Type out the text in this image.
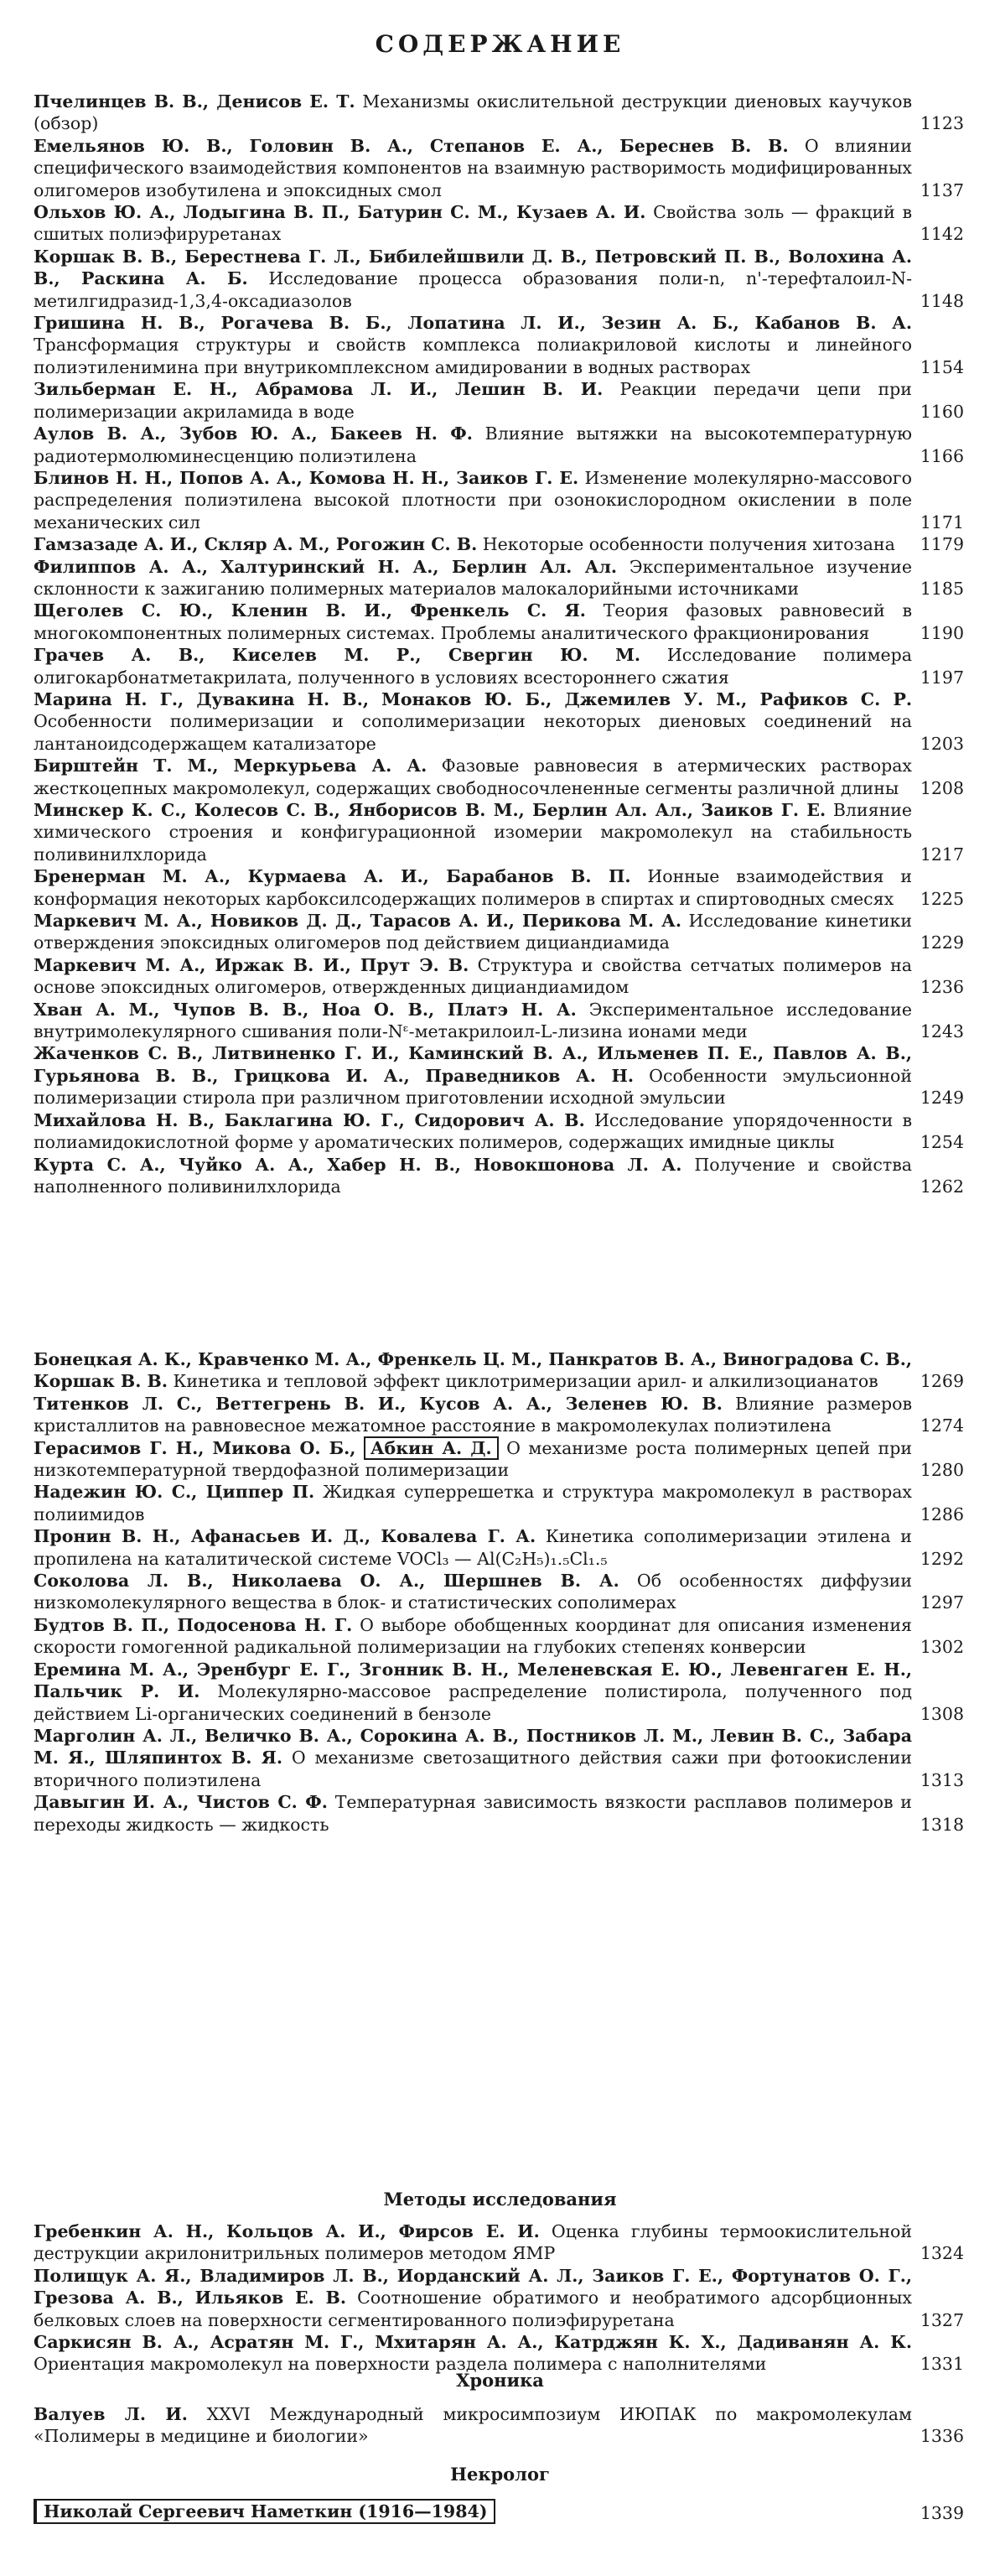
СОДЕРЖАНИЕ
Пчелинцев В. В., Денисов Е. Т. Механизмы окислительной деструкции диеновых каучуков (обзор)	1123
Емельянов Ю. В., Головин В. А., Степанов Е. А., Береснев В. В. О влиянии специфического взаимодействия компонентов на взаимную растворимость модифицированных олигомеров изобутилена и эпоксидных смол	1137
Ольхов Ю. А., Лодыгина В. П., Батурин С. М., Кузаев А. И. Свойства золь — фракций в сшитых полиэфируретанах	1142
Коршак В. В., Берестнева Г. Л., Бибилейшвили Д. В., Петровский П. В., Волохина А. В., Раскина А. Б. Исследование процесса образования поли-n, n'-терефталоил-N-метилгидразид-1,3,4-оксадиазолов	1148
Гришина Н. В., Рогачева В. Б., Лопатина Л. И., Зезин А. Б., Кабанов В. А. Трансформация структуры и свойств комплекса полиакриловой кислоты и линейного полиэтиленимина при внутрикомплексном амидировании в водных растворах	1154
Зильберман Е. Н., Абрамова Л. И., Лешин В. И. Реакции передачи цепи при полимеризации акриламида в воде	1160
Аулов В. А., Зубов Ю. А., Бакеев Н. Ф. Влияние вытяжки на высокотемпературную радиотермолюминесценцию полиэтилена	1166
Блинов Н. Н., Попов А. А., Комова Н. Н., Заиков Г. Е. Изменение молекулярно-массового распределения полиэтилена высокой плотности при озонокислородном окислении в поле механических сил	1171
Гамзазаде А. И., Скляр А. М., Рогожин С. В. Некоторые особенности получения хитозана 1179
Филиппов А. А., Халтуринский Н. А., Берлин Ал. Ал. Экспериментальное изучение склонности к зажиганию полимерных материалов малокалорийными источниками	1185
Щеголев С. Ю., Кленин В. И., Френкель С. Я. Теория фазовых равновесий в многокомпонентных полимерных системах. Проблемы аналитического фракционирования	1190
Грачев А. В., Киселев М. Р., Свергин Ю. М. Исследование полимера олигокарбонатметакрилата, полученного в условиях всестороннего сжатия	1197
Марина Н. Г., Дувакина Н. В., Монаков Ю. Б., Джемилев У. М., Рафиков С. Р. Особенности полимеризации и сополимеризации некоторых диеновых соединений на лантаноидсодержащем катализаторе	1203
Бирштейн Т. М., Меркурьева А. А. Фазовые равновесия в атермических растворах жесткоцепных макромолекул, содержащих свободносочлененные сегменты различной длины 1208
Минскер К. С., Колесов С. В., Янборисов В. М., Берлин Ал. Ал., Заиков Г. Е. Влияние химического строения и конфигурационной изомерии макромолекул на стабильность поливинилхлорида	1217
Бренерман М. А., Курмаева А. И., Барабанов В. П. Ионные взаимодействия и конформация некоторых карбоксилсодержащих полимеров в спиртах и спиртоводных смесях 1225
Маркевич М. А., Новиков Д. Д., Тарасов А. И., Перикова М. А. Исследование кинетики отверждения эпоксидных олигомеров под действием дициандиамида	1229
Маркевич М. А., Иржак В. И., Прут Э. В. Структура и свойства сетчатых полимеров на основе эпоксидных олигомеров, отвержденных дициандиамидом	1236
Хван А. М., Чупов В. В., Ноа О. В., Платэ Н. А. Экспериментальное исследование внутримолекулярного сшивания поли-Nᵋ-метакрилоил-L-лизина ионами меди	1243
Жаченков С. В., Литвиненко Г. И., Каминский В. А., Ильменев П. Е., Павлов А. В., Гурьянова В. В., Грицкова И. А., Праведников А. Н. Особенности эмульсионной полимеризации стирола при различном приготовлении исходной эмульсии	1249
Михайлова Н. В., Баклагина Ю. Г., Сидорович А. В. Исследование упорядоченности в полиамидокислотной форме у ароматических полимеров, содержащих имидные циклы	1254
Курта С. А., Чуйко А. А., Хабер Н. В., Новокшонова Л. А. Получение и свойства наполненного поливинилхлорида	1262
Бонецкая А. К., Кравченко М. А., Френкель Ц. М., Панкратов В. А., Виноградова С. В., Коршак В. В. Кинетика и тепловой эффект циклотримеризации арил- и алкилизоцианатов 1269
Титенков Л. С., Веттегрень В. И., Кусов А. А., Зеленев Ю. В. Влияние размеров кристаллитов на равновесное межатомное расстояние в макромолекулах полиэтилена	1274
Герасимов Г. Н., Микова О. Б., Абкин А. Д. О механизме роста полимерных цепей при низкотемпературной твердофазной полимеризации	1280
Надежин Ю. С., Циппер П. Жидкая суперрешетка и структура макромолекул в растворах полиимидов	1286
Пронин В. Н., Афанасьев И. Д., Ковалева Г. А. Кинетика сополимеризации этилена и пропилена на каталитической системе VOCl₃ — Al(C₂H₅)₁.₅Cl₁.₅	1292
Соколова Л. В., Николаева О. А., Шершнев В. А. Об особенностях диффузии низкомолекулярного вещества в блок- и статистических сополимерах	1297
Будтов В. П., Подосенова Н. Г. О выборе обобщенных координат для описания изменения скорости гомогенной радикальной полимеризации на глубоких степенях конверсии	1302
Еремина М. А., Эренбург Е. Г., Згонник В. Н., Меленевская Е. Ю., Левенгаген Е. Н., Пальчик Р. И. Молекулярно-массовое распределение полистирола, полученного под действием Li-органических соединений в бензоле	1308
Марголин А. Л., Величко В. А., Сорокина А. В., Постников Л. М., Левин В. С., Забара М. Я., Шляпинтох В. Я. О механизме светозащитного действия сажи при фотоокислении вторичного полиэтилена	1313
Давыгин И. А., Чистов С. Ф. Температурная зависимость вязкости расплавов полимеров и переходы жидкость — жидкость	1318
Методы исследования
Гребенкин А. Н., Кольцов А. И., Фирсов Е. И. Оценка глубины термоокислительной деструкции акрилонитрильных полимеров методом ЯМР	1324
Полищук А. Я., Владимиров Л. В., Иорданский А. Л., Заиков Г. Е., Фортунатов О. Г., Грезова А. В., Ильяков Е. В. Соотношение обратимого и необратимого адсорбционных белковых слоев на поверхности сегментированного полиэфируретана	1327
Саркисян В. А., Асратян М. Г., Мхитарян А. А., Катрджян К. Х., Дадиванян А. К. Ориентация макромолекул на поверхности раздела полимера с наполнителями	1331
Хроника
Валуев Л. И. XXVI Международный микросимпозиум ИЮПАК по макромолекулам «Полимеры в медицине и биологии»	1336
Некролог
Николай Сергеевич Наметкин (1916—1984)	1339
